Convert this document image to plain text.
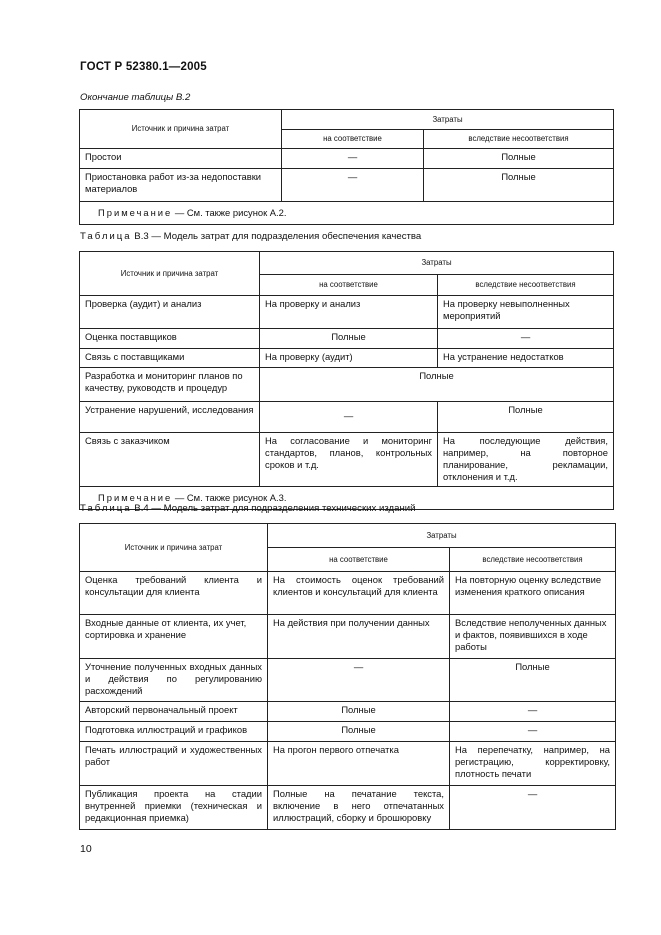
ГОСТ Р 52380.1—2005
Окончание таблицы B.2
Источник и причина затрат	Затраты	
	на соответствие	вследствие несоответствия
Простои	—	Полные
Приостановка работ из-за недопоставки материалов	—	Полные
Примечание — См. также рисунок А.2.		
Таблица В.3 — Модель затрат для подразделения обеспечения качества
Источник и причина затрат	Затраты	
	на соответствие	вследствие несоответствия
Проверка (аудит) и анализ	На проверку и анализ	На проверку невыполненных мероприятий
Оценка поставщиков	Полные	—
Связь с поставщиками	На проверку (аудит)	На устранение недостатков
Разработка и мониторинг планов по качеству, руководств и процедур	Полные	
Устранение нарушений, исследования	—	Полные
Связь с заказчиком	На согласование и мониторинг стандартов, планов, контрольных сроков и т.д.	На последующие действия, например, на повторное планирование, рекламации, отклонения и т.д.
Примечание — См. также рисунок А.3.		
Таблица В.4 — Модель затрат для подразделения технических изданий
Источник и причина затрат	Затраты	
	на соответствие	вследствие несоответствия
Оценка требований клиента и консультации для клиента	На стоимость оценок требований клиентов и консультаций для клиента	На повторную оценку вследствие изменения краткого описания
Входные данные от клиента, их учет, сортировка и хранение	На действия при получении данных	Вследствие неполученных данных и фактов, появившихся в ходе работы
Уточнение полученных входных данных и действия по регулированию расхождений	—	Полные
Авторский первоначальный проект	Полные	—
Подготовка иллюстраций и графиков	Полные	—
Печать иллюстраций и художественных работ	На прогон первого отпечатка	На перепечатку, например, на регистрацию, корректировку, плотность печати
Публикация проекта на стадии внутренней приемки (техническая и редакционная приемка)	Полные на печатание текста, включение в него отпечатанных иллюстраций, сборку и брошюровку	—
10
